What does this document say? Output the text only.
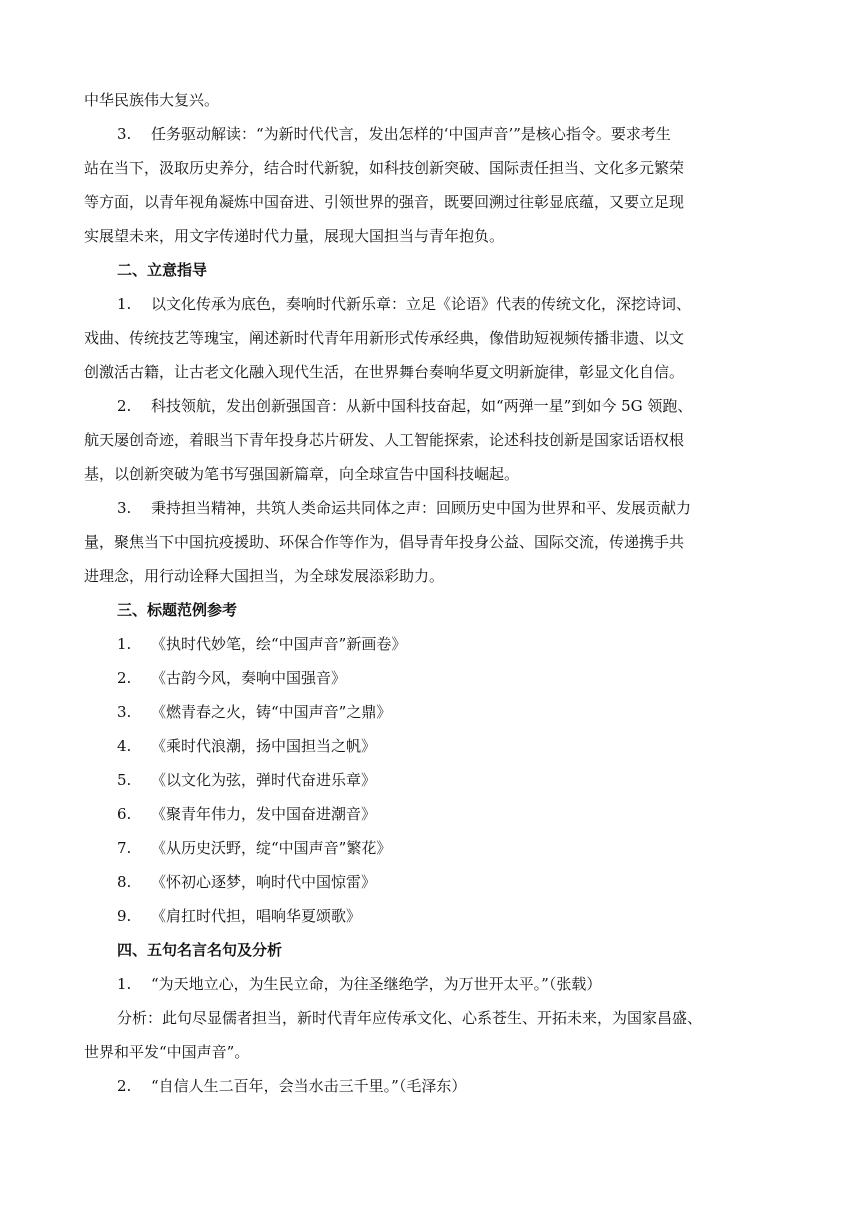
中华民族伟大复兴。
3. 任务驱动解读：“为新时代代言，发出怎样的‘中国声音’”是核心指令。要求考生
站在当下，汲取历史养分，结合时代新貌，如科技创新突破、国际责任担当、文化多元繁荣
等方面，以青年视角凝炼中国奋进、引领世界的强音，既要回溯过往彰显底蕴，又要立足现
实展望未来，用文字传递时代力量，展现大国担当与青年抱负。
二、立意指导
1. 以文化传承为底色，奏响时代新乐章：立足《论语》代表的传统文化，深挖诗词、
戏曲、传统技艺等瑰宝，阐述新时代青年用新形式传承经典，像借助短视频传播非遗、以文
创激活古籍，让古老文化融入现代生活，在世界舞台奏响华夏文明新旋律，彰显文化自信。
2. 科技领航，发出创新强国音：从新中国科技奋起，如“两弹一星”到如今 5G 领跑、
航天屡创奇迹，着眼当下青年投身芯片研发、人工智能探索，论述科技创新是国家话语权根
基，以创新突破为笔书写强国新篇章，向全球宣告中国科技崛起。
3. 秉持担当精神，共筑人类命运共同体之声：回顾历史中国为世界和平、发展贡献力
量，聚焦当下中国抗疫援助、环保合作等作为，倡导青年投身公益、国际交流，传递携手共
进理念，用行动诠释大国担当，为全球发展添彩助力。
三、标题范例参考
1. 《执时代妙笔，绘“中国声音”新画卷》
2. 《古韵今风，奏响中国强音》
3. 《燃青春之火，铸“中国声音”之鼎》
4. 《乘时代浪潮，扬中国担当之帆》
5. 《以文化为弦，弹时代奋进乐章》
6. 《聚青年伟力，发中国奋进潮音》
7. 《从历史沃野，绽“中国声音”繁花》
8. 《怀初心逐梦，响时代中国惊雷》
9. 《肩扛时代担，唱响华夏颂歌》
四、五句名言名句及分析
1. “为天地立心，为生民立命，为往圣继绝学，为万世开太平。”（张载）
分析：此句尽显儒者担当，新时代青年应传承文化、心系苍生、开拓未来，为国家昌盛、
世界和平发“中国声音”。
2. “自信人生二百年，会当水击三千里。”（毛泽东）
